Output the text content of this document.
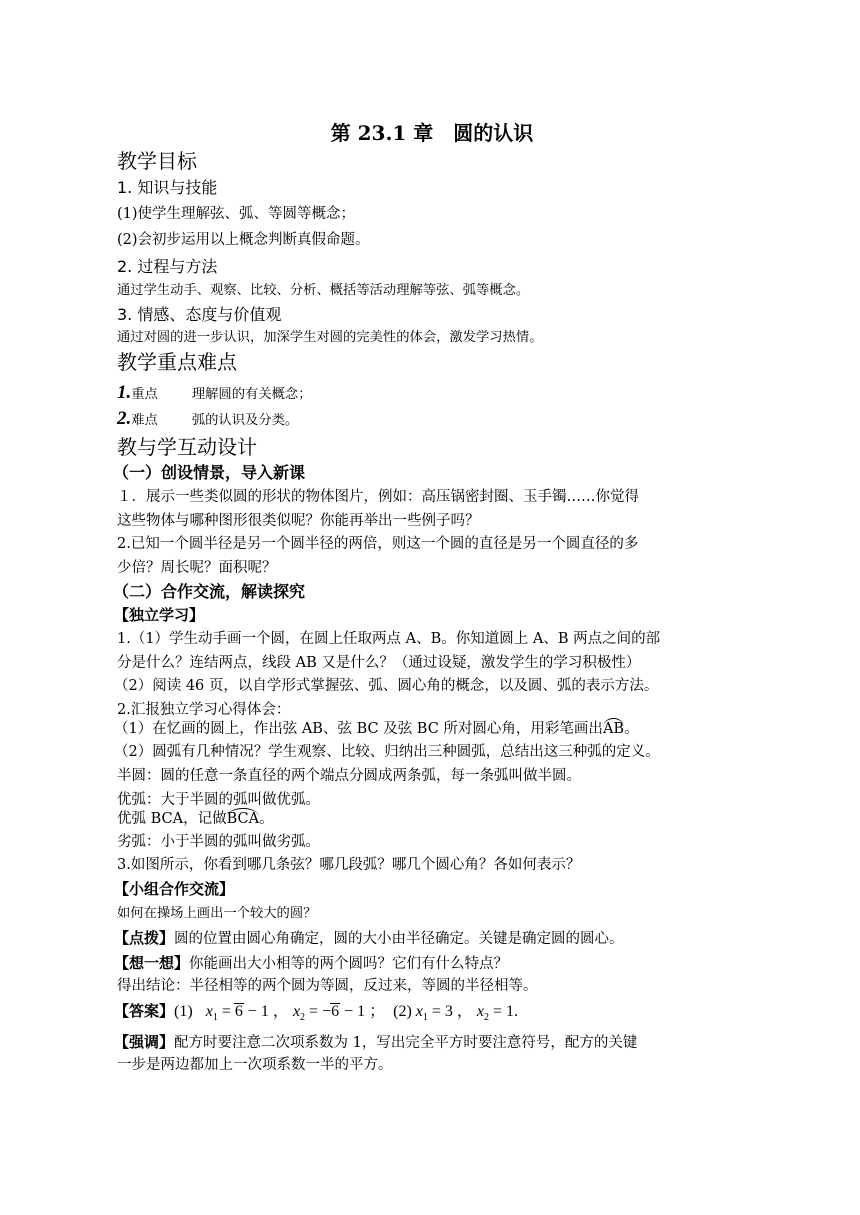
第 23.1 章　圆的认识
教学目标
1. 知识与技能
(1)使学生理解弦、弧、等圆等概念；
(2)会初步运用以上概念判断真假命题。
2. 过程与方法
通过学生动手、观察、比较、分析、概括等活动理解等弦、弧等概念。
3. 情感、态度与价值观
通过对圆的进一步认识，加深学生对圆的完美性的体会，激发学习热情。
教学重点难点
1.重点	理解圆的有关概念；
2.难点	弧的认识及分类。
教与学互动设计
（一）创设情景，导入新课
１．展示一些类似圆的形状的物体图片，例如：高压锅密封圈、玉手镯……你觉得
这些物体与哪种图形很类似呢？你能再举出一些例子吗？
2.已知一个圆半径是另一个圆半径的两倍，则这一个圆的直径是另一个圆直径的多
少倍？周长呢？面积呢？
（二）合作交流，解读探究
【独立学习】
1.（1）学生动手画一个圆，在圆上任取两点 A、B。你知道圆上 A、B 两点之间的部
分是什么？连结两点，线段 AB 又是什么？（通过设疑，激发学生的学习积极性）
（2）阅读 46 页，以自学形式掌握弦、弧、圆心角的概念，以及圆、弧的表示方法。
2.汇报独立学习心得体会：
（1）在忆画的圆上，作出弦 AB、弦 BC 及弦 BC 所对圆心角，用彩笔画出AB。
（2）圆弧有几种情况？学生观察、比较、归纳出三种圆弧，总结出这三种弧的定义。
半圆：圆的任意一条直径的两个端点分圆成两条弧，每一条弧叫做半圆。
优弧：大于半圆的弧叫做优弧。
优弧 BCA，记做BCA。
劣弧：小于半圆的弧叫做劣弧。
3.如图所示，你看到哪几条弦？哪几段弧？哪几个圆心角？各如何表示？
【小组合作交流】
如何在操场上画出一个较大的圆？
【点拨】圆的位置由圆心角确定，圆的大小由半径确定。关键是确定圆的圆心。
【想一想】你能画出大小相等的两个圆吗？它们有什么特点？
得出结论：半径相等的两个圆为等圆，反过来，等圆的半径相等。
【答案】(1) $x_1 = 6 - 1$ ， $x_2 = -6 - 1$ ；  (2) $x_1 = 3$ ， $x_2 = 1$.
【强调】配方时要注意二次项系数为 1，写出完全平方时要注意符号，配方的关键
一步是两边都加上一次项系数一半的平方。
